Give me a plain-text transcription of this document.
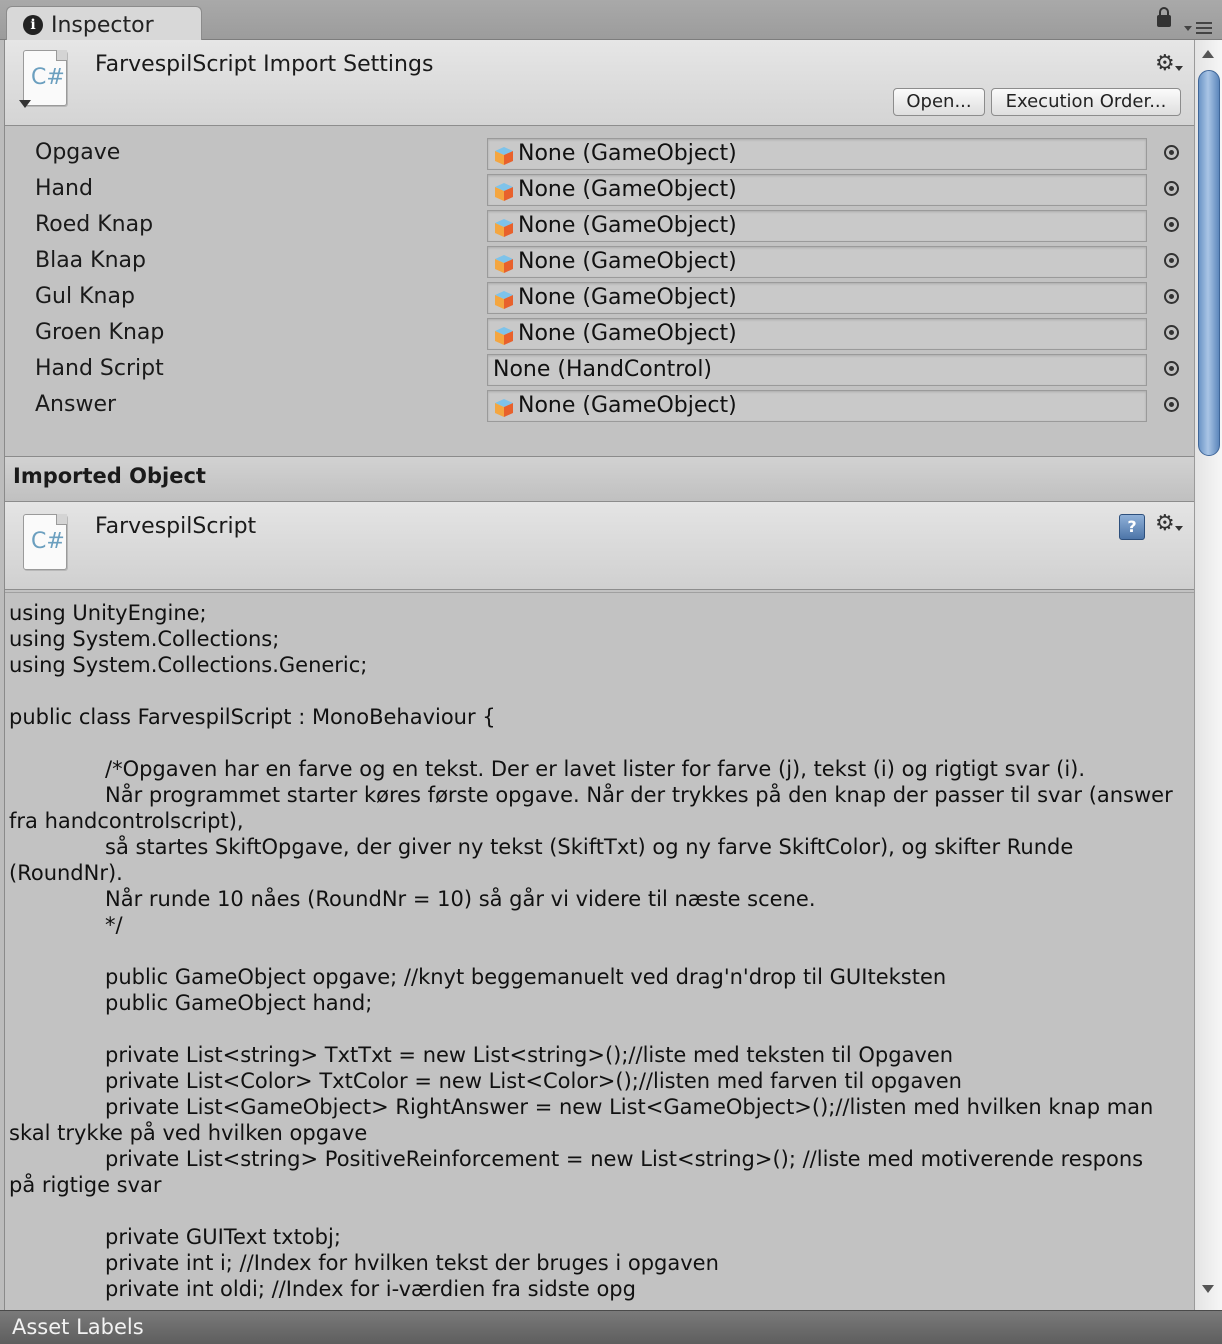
i Inspector
C#
FarvespilScript Import Settings	⚙
Open...	Execution Order...
Opgave	None (GameObject)
Hand	None (GameObject)
Roed Knap	None (GameObject)
Blaa Knap	None (GameObject)
Gul Knap	None (GameObject)
Groen Knap	None (GameObject)
Hand Script	None (HandControl)
Answer	None (GameObject)
Imported Object
C#
FarvespilScript	? ⚙
using UnityEngine;
using System.Collections;
using System.Collections.Generic;
public class FarvespilScript : MonoBehaviour {
/*Opgaven har en farve og en tekst. Der er lavet lister for farve (j), tekst (i) og rigtigt svar (i).
Når programmet starter køres første opgave. Når der trykkes på den knap der passer til svar (answer
fra handcontrolscript),
så startes SkiftOpgave, der giver ny tekst (SkiftTxt) og ny farve SkiftColor), og skifter Runde
(RoundNr).
Når runde 10 nåes (RoundNr = 10) så går vi videre til næste scene.
*/
public GameObject opgave; //knyt beggemanuelt ved drag'n'drop til GUIteksten
public GameObject hand;
private List<string> TxtTxt = new List<string>();//liste med teksten til Opgaven
private List<Color> TxtColor = new List<Color>();//listen med farven til opgaven
private List<GameObject> RightAnswer = new List<GameObject>();//listen med hvilken knap man
skal trykke på ved hvilken opgave
private List<string> PositiveReinforcement = new List<string>(); //liste med motiverende respons
på rigtige svar
private GUIText txtobj;
private int i; //Index for hvilken tekst der bruges i opgaven
private int oldi; //Index for i-værdien fra sidste opg
Asset Labels
